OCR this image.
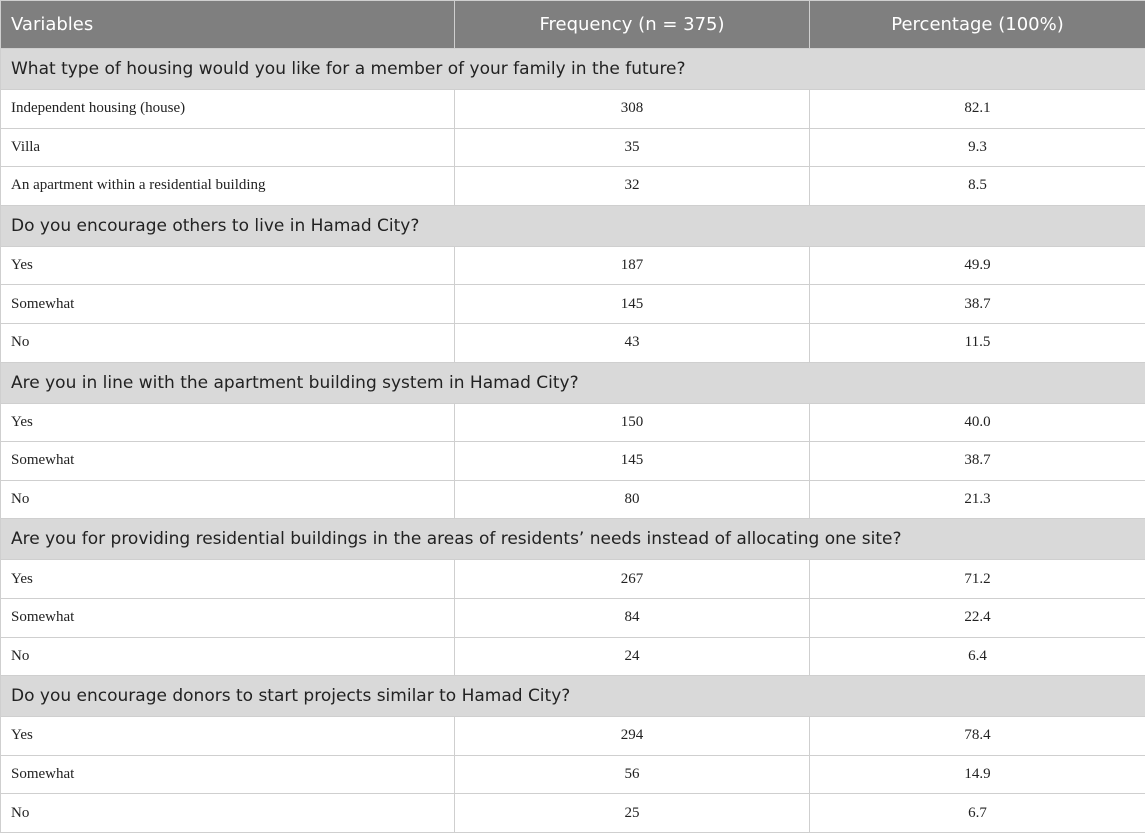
Variables	Frequency (n = 375)	Percentage (100%)
What type of housing would you like for a member of your family in the future?		
Independent housing (house)	308	82.1
Villa	35	9.3
An apartment within a residential building	32	8.5
Do you encourage others to live in Hamad City?		
Yes	187	49.9
Somewhat	145	38.7
No	43	11.5
Are you in line with the apartment building system in Hamad City?		
Yes	150	40.0
Somewhat	145	38.7
No	80	21.3
Are you for providing residential buildings in the areas of residents’ needs instead of allocating one site?		
Yes	267	71.2
Somewhat	84	22.4
No	24	6.4
Do you encourage donors to start projects similar to Hamad City?		
Yes	294	78.4
Somewhat	56	14.9
No	25	6.7
